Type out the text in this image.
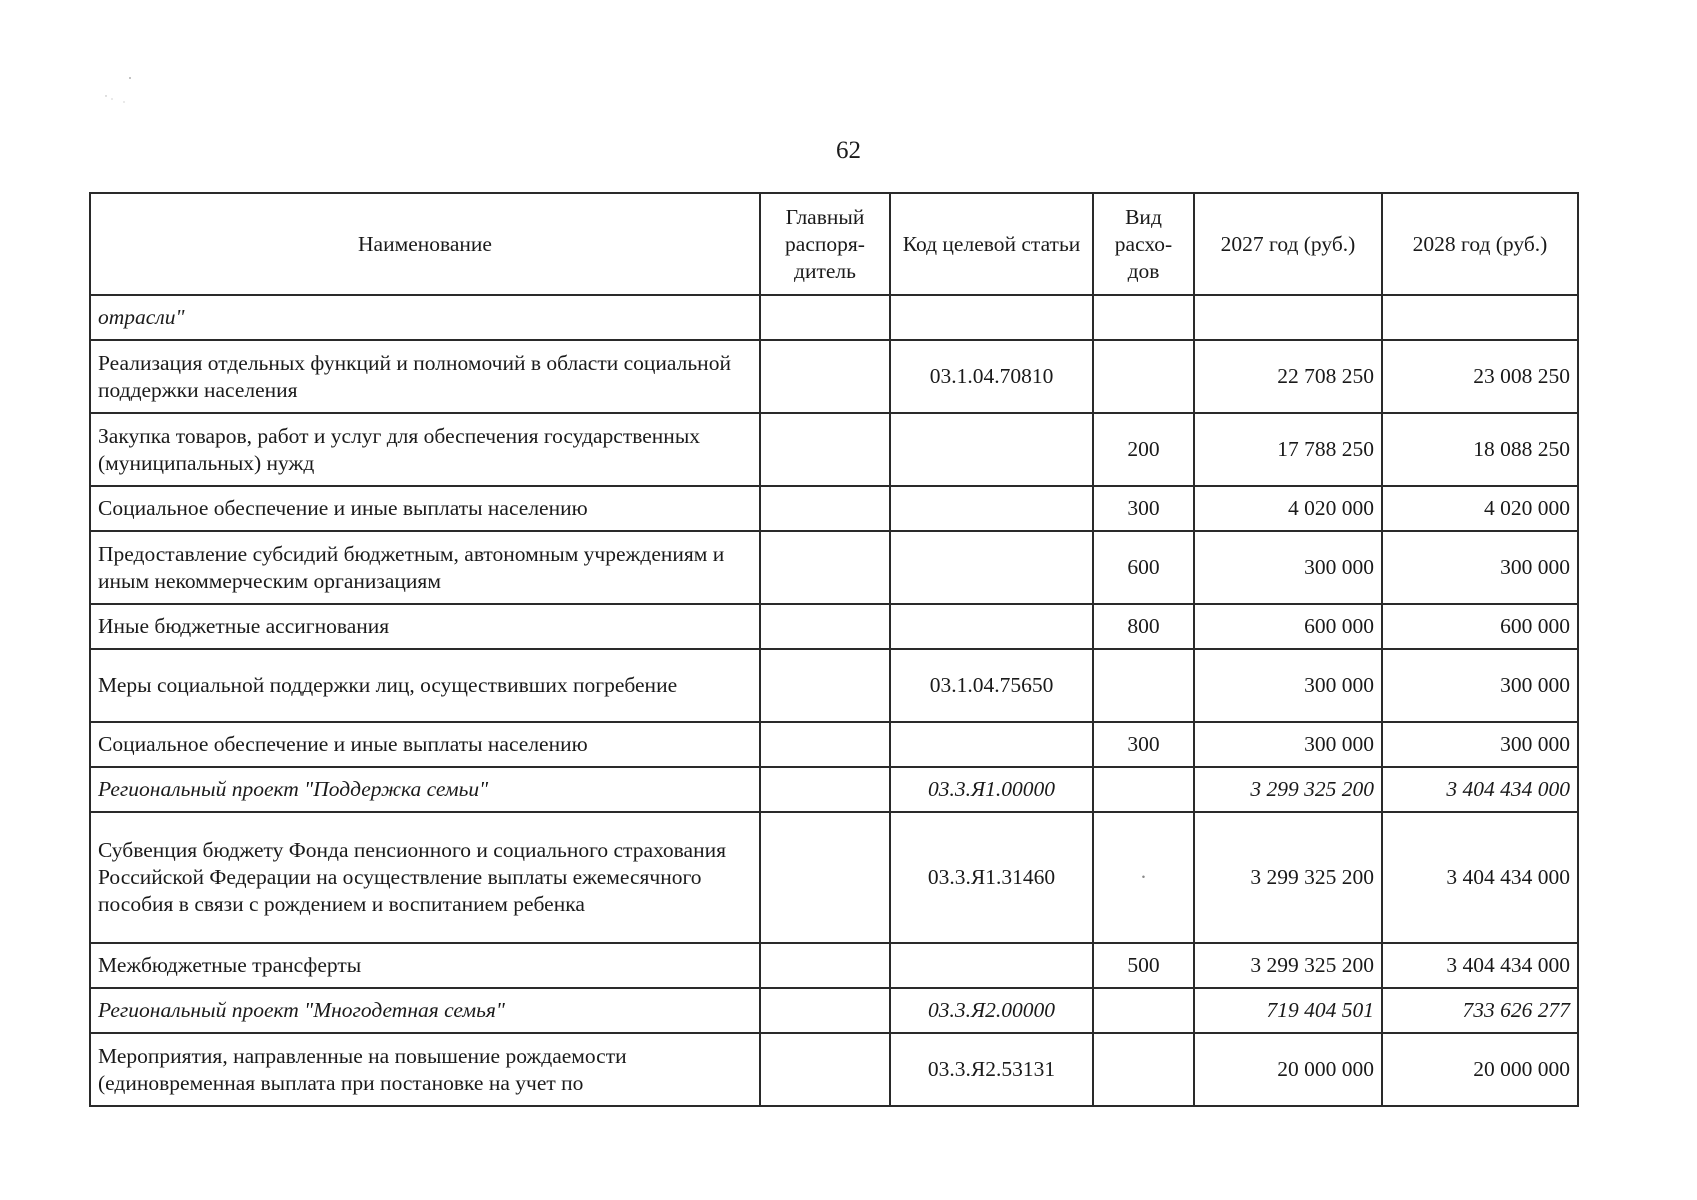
62
Наименование	Главный распоря-дитель	Код целевой статьи	Вид расхо-дов	2027 год (руб.)	2028 год (руб.)
отрасли"					
Реализация отдельных функций и полномочий в области социальной поддержки населения		03.1.04.70810		22 708 250	23 008 250
Закупка товаров, работ и услуг для обеспечения государственных (муниципальных) нужд			200	17 788 250	18 088 250
Социальное обеспечение и иные выплаты населению			300	4 020 000	4 020 000
Предоставление субсидий бюджетным, автономным учреждениям и иным некоммерческим организациям			600	300 000	300 000
Иные бюджетные ассигнования			800	600 000	600 000
Меры социальной поддержки лиц, осуществивших погребение		03.1.04.75650		300 000	300 000
Социальное обеспечение и иные выплаты населению			300	300 000	300 000
Региональный проект "Поддержка семьи"		03.3.Я1.00000		3 299 325 200	3 404 434 000
Субвенция бюджету Фонда пенсионного и социального страхования Российской Федерации на осуществление выплаты ежемесячного пособия в связи с рождением и воспитанием ребенка		03.3.Я1.31460	·	3 299 325 200	3 404 434 000
Межбюджетные трансферты			500	3 299 325 200	3 404 434 000
Региональный проект "Многодетная семья"		03.3.Я2.00000		719 404 501	733 626 277
Мероприятия, направленные на повышение рождаемости (единовременная выплата при постановке на учет по		03.3.Я2.53131		20 000 000	20 000 000
